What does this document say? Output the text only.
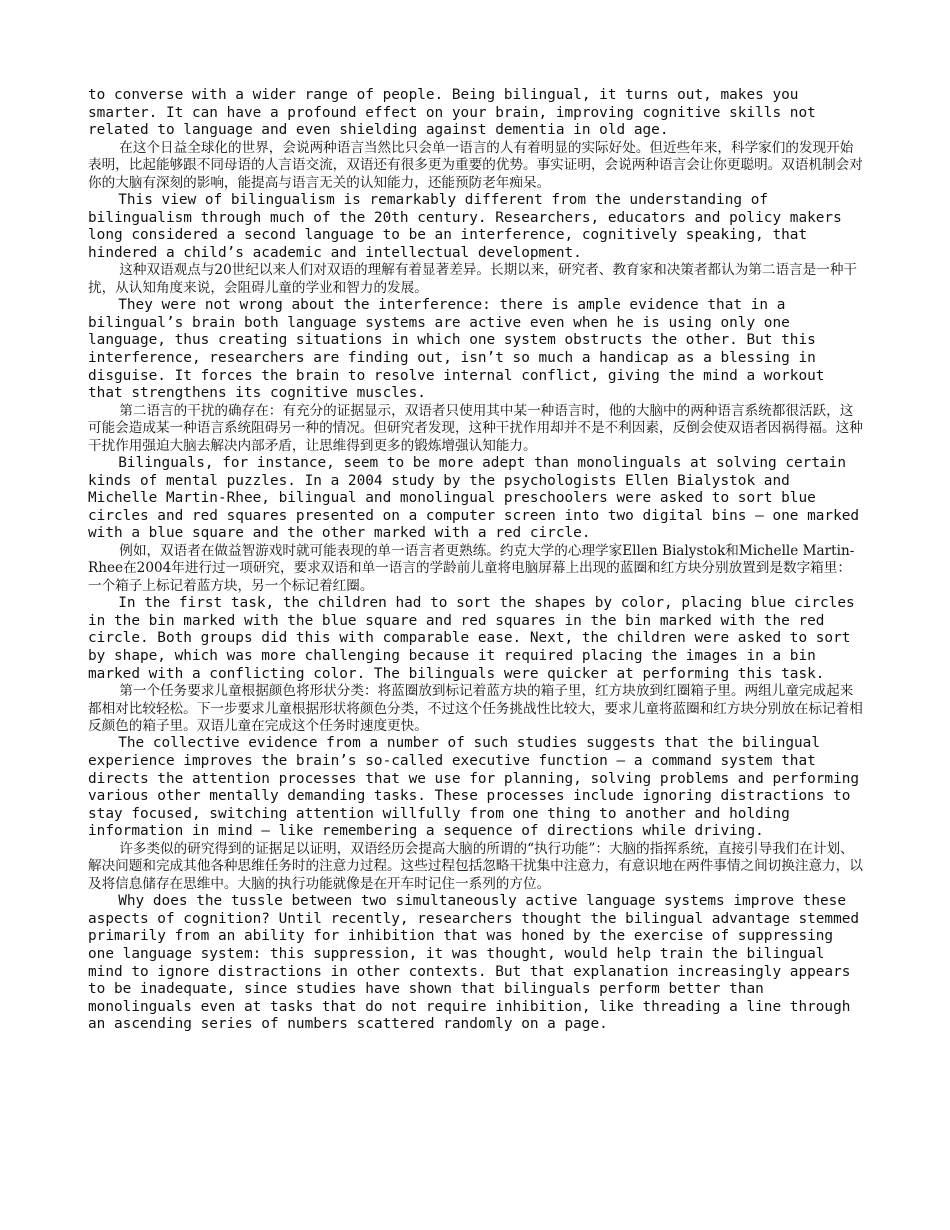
to converse with a wider range of people. Being bilingual, it turns out, makes you smarter. It can have a profound effect on your brain, improving cognitive skills not related to language and even shielding against dementia in old age.

在这个日益全球化的世界，会说两种语言当然比只会单一语言的人有着明显的实际好处。但近些年来，科学家们的发现开始表明，比起能够跟不同母语的人言语交流，双语还有很多更为重要的优势。事实证明，会说两种语言会让你更聪明。双语机制会对你的大脑有深刻的影响，能提高与语言无关的认知能力，还能预防老年痴呆。

This view of bilingualism is remarkably different from the understanding of bilingualism through much of the 20th century. Researchers, educators and policy makers long considered a second language to be an interference, cognitively speaking, that hindered a child’s academic and intellectual development.

这种双语观点与20世纪以来人们对双语的理解有着显著差异。长期以来，研究者、教育家和决策者都认为第二语言是一种干扰，从认知角度来说，会阻碍儿童的学业和智力的发展。

They were not wrong about the interference: there is ample evidence that in a bilingual’s brain both language systems are active even when he is using only one language, thus creating situations in which one system obstructs the other. But this interference, researchers are finding out, isn’t so much a handicap as a blessing in disguise. It forces the brain to resolve internal conflict, giving the mind a workout that strengthens its cognitive muscles.

第二语言的干扰的确存在：有充分的证据显示，双语者只使用其中某一种语言时，他的大脑中的两种语言系统都很活跃，这可能会造成某一种语言系统阻碍另一种的情况。但研究者发现，这种干扰作用却并不是不利因素，反倒会使双语者因祸得福。这种干扰作用强迫大脑去解决内部矛盾，让思维得到更多的锻炼增强认知能力。

Bilinguals, for instance, seem to be more adept than monolinguals at solving certain kinds of mental puzzles. In a 2004 study by the psychologists Ellen Bialystok and Michelle Martin-Rhee, bilingual and monolingual preschoolers were asked to sort blue circles and red squares presented on a computer screen into two digital bins — one marked with a blue square and the other marked with a red circle.

例如，双语者在做益智游戏时就可能表现的单一语言者更熟练。约克大学的心理学家Ellen Bialystok和Michelle Martin-Rhee在2004年进行过一项研究，要求双语和单一语言的学龄前儿童将电脑屏幕上出现的蓝圈和红方块分别放置到是数字箱里：一个箱子上标记着蓝方块，另一个标记着红圈。

In the first task, the children had to sort the shapes by color, placing blue circles in the bin marked with the blue square and red squares in the bin marked with the red circle. Both groups did this with comparable ease. Next, the children were asked to sort by shape, which was more challenging because it required placing the images in a bin marked with a conflicting color. The bilinguals were quicker at performing this task.

第一个任务要求儿童根据颜色将形状分类：将蓝圈放到标记着蓝方块的箱子里，红方块放到红圈箱子里。两组儿童完成起来都相对比较轻松。下一步要求儿童根据形状将颜色分类，不过这个任务挑战性比较大，要求儿童将蓝圈和红方块分别放在标记着相反颜色的箱子里。双语儿童在完成这个任务时速度更快。

The collective evidence from a number of such studies suggests that the bilingual experience improves the brain’s so-called executive function — a command system that directs the attention processes that we use for planning, solving problems and performing various other mentally demanding tasks. These processes include ignoring distractions to stay focused, switching attention willfully from one thing to another and holding information in mind — like remembering a sequence of directions while driving.

许多类似的研究得到的证据足以证明，双语经历会提高大脑的所谓的“执行功能”：大脑的指挥系统，直接引导我们在计划、解决问题和完成其他各种思维任务时的注意力过程。这些过程包括忽略干扰集中注意力，有意识地在两件事情之间切换注意力，以及将信息储存在思维中。大脑的执行功能就像是在开车时记住一系列的方位。

Why does the tussle between two simultaneously active language systems improve these aspects of cognition? Until recently, researchers thought the bilingual advantage stemmed primarily from an ability for inhibition that was honed by the exercise of suppressing one language system: this suppression, it was thought, would help train the bilingual mind to ignore distractions in other contexts. But that explanation increasingly appears to be inadequate, since studies have shown that bilinguals perform better than monolinguals even at tasks that do not require inhibition, like threading a line through an ascending series of numbers scattered randomly on a page.
